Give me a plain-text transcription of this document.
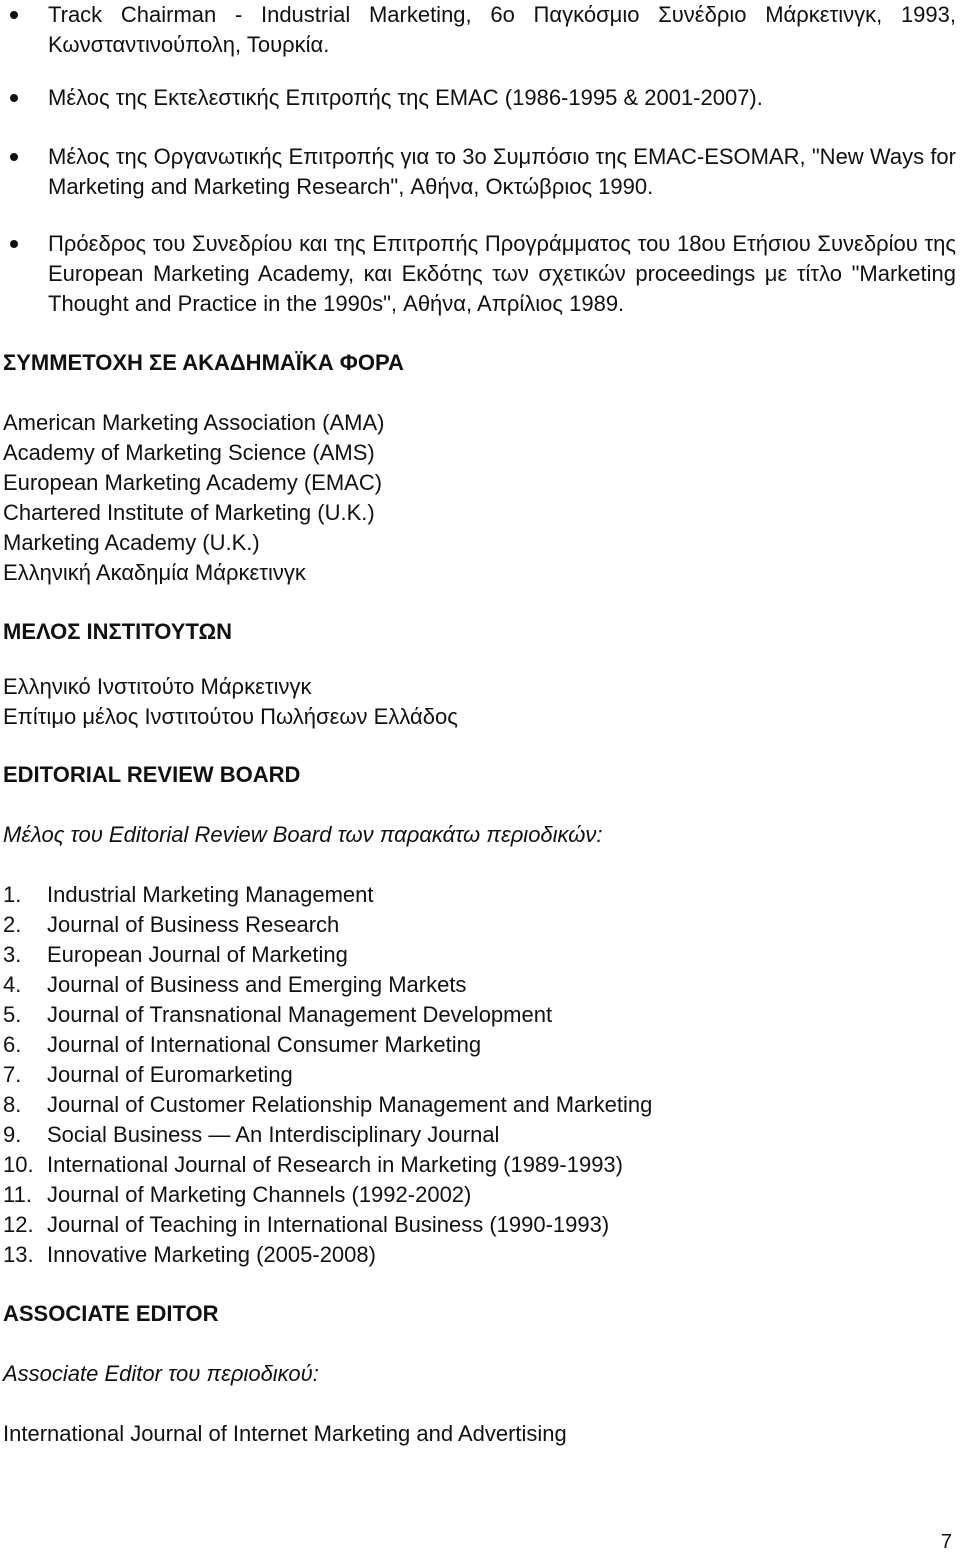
Track Chairman - Industrial Marketing, 6ο Παγκόσμιο Συνέδριο Μάρκετινγκ, 1993, Κωνσταντινούπολη, Τουρκία.
Μέλος της Εκτελεστικής Επιτροπής της EMAC (1986-1995 & 2001-2007).
Μέλος της Οργανωτικής Επιτροπής για το 3ο Συμπόσιο της EMAC-ESOMAR, "New Ways for Marketing and Marketing Research", Αθήνα, Οκτώβριος 1990.
Πρόεδρος του Συνεδρίου και της Επιτροπής Προγράμματος του 18ου Ετήσιου Συνεδρίου της European Marketing Academy, και Εκδότης των σχετικών proceedings με τίτλο "Marketing Thought and Practice in the 1990s", Αθήνα, Απρίλιος 1989.
ΣΥΜΜΕΤΟΧΗ ΣΕ ΑΚΑΔΗΜΑΪΚΑ ΦΟΡΑ
American Marketing Association (AMA)
Academy of Marketing Science (AMS)
European Marketing Academy (EMAC)
Chartered Institute of Marketing (U.K.)
Marketing Academy (U.K.)
Ελληνική Ακαδημία Μάρκετινγκ
ΜΕΛΟΣ ΙΝΣΤΙΤΟΥΤΩΝ
Ελληνικό Ινστιτούτο Μάρκετινγκ
Επίτιμο μέλος Ινστιτούτου Πωλήσεων Ελλάδος
EDITORIAL REVIEW BOARD
Μέλος του Editorial Review Board των παρακάτω περιοδικών:
1. Industrial Marketing Management
2. Journal of Business Research
3. European Journal of Marketing
4. Journal of Business and Emerging Markets
5. Journal of Transnational Management Development
6. Journal of International Consumer Marketing
7. Journal of Euromarketing
8. Journal of Customer Relationship Management and Marketing
9. Social Business — An Interdisciplinary Journal
10. International Journal of Research in Marketing (1989-1993)
11. Journal of Marketing Channels (1992-2002)
12. Journal of Teaching in International Business (1990-1993)
13. Innovative Marketing (2005-2008)
ASSOCIATE EDITOR
Associate Editor του περιοδικού:
International Journal of Internet Marketing and Advertising
7
